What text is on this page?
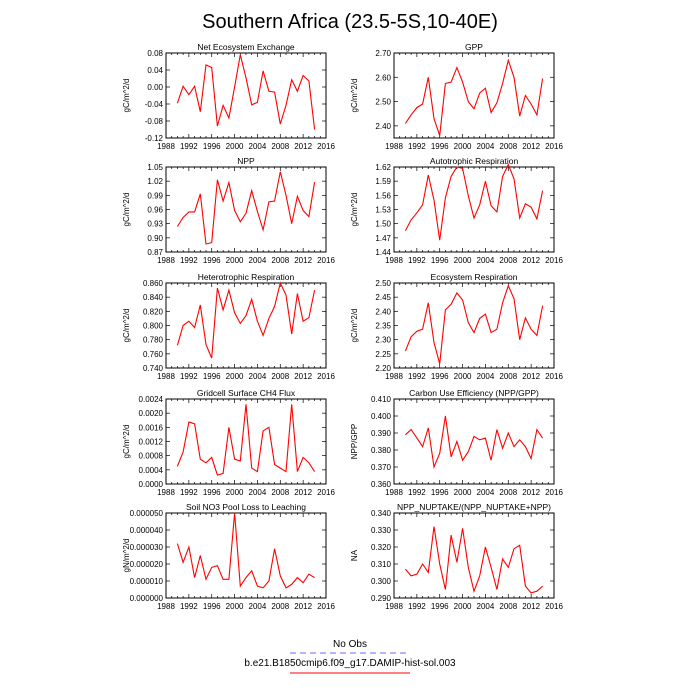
Southern Africa (23.5-5S,10-40E)
Net Ecosystem Exchange
1988 1992 1996 2000 2004 2008 2012 2016
-0.12
-0.08
-0.04
0.00
0.04
0.08
gC/m^2/d
GPP
1988 1992 1996 2000 2004 2008 2012 2016
2.40
2.50
2.60
2.70
gC/m^2/d
NPP
1988 1992 1996 2000 2004 2008 2012 2016
0.87
0.90
0.93
0.96
0.99
1.02
1.05
gC/m^2/d
Autotrophic Respiration
1988 1992 1996 2000 2004 2008 2012 2016
1.44
1.47
1.50
1.53
1.56
1.59
1.62
gC/m^2/d
Heterotrophic Respiration
1988 1992 1996 2000 2004 2008 2012 2016
0.740
0.760
0.780
0.800
0.820
0.840
0.860
gC/m^2/d
Ecosystem Respiration
1988 1992 1996 2000 2004 2008 2012 2016
2.20
2.25
2.30
2.35
2.40
2.45
2.50
gC/m^2/d
Gridcell Surface CH4 Flux
1988 1992 1996 2000 2004 2008 2012 2016
0.0000
0.0004
0.0008
0.0012
0.0016
0.0020
0.0024
gC/m^2/d
Carbon Use Efficiency (NPP/GPP)
1988 1992 1996 2000 2004 2008 2012 2016
0.360
0.370
0.380
0.390
0.400
0.410
NPP/GPP
Soil NO3 Pool Loss to Leaching
1988 1992 1996 2000 2004 2008 2012 2016
0.000000
0.000010
0.000020
0.000030
0.000040
0.000050
gN/m^2/d
NPP_NUPTAKE/(NPP_NUPTAKE+NPP)
1988 1992 1996 2000 2004 2008 2012 2016
0.290
0.300
0.310
0.320
0.330
0.340
NA
No Obs
b.e21.B1850cmip6.f09_g17.DAMIP-hist-sol.003
